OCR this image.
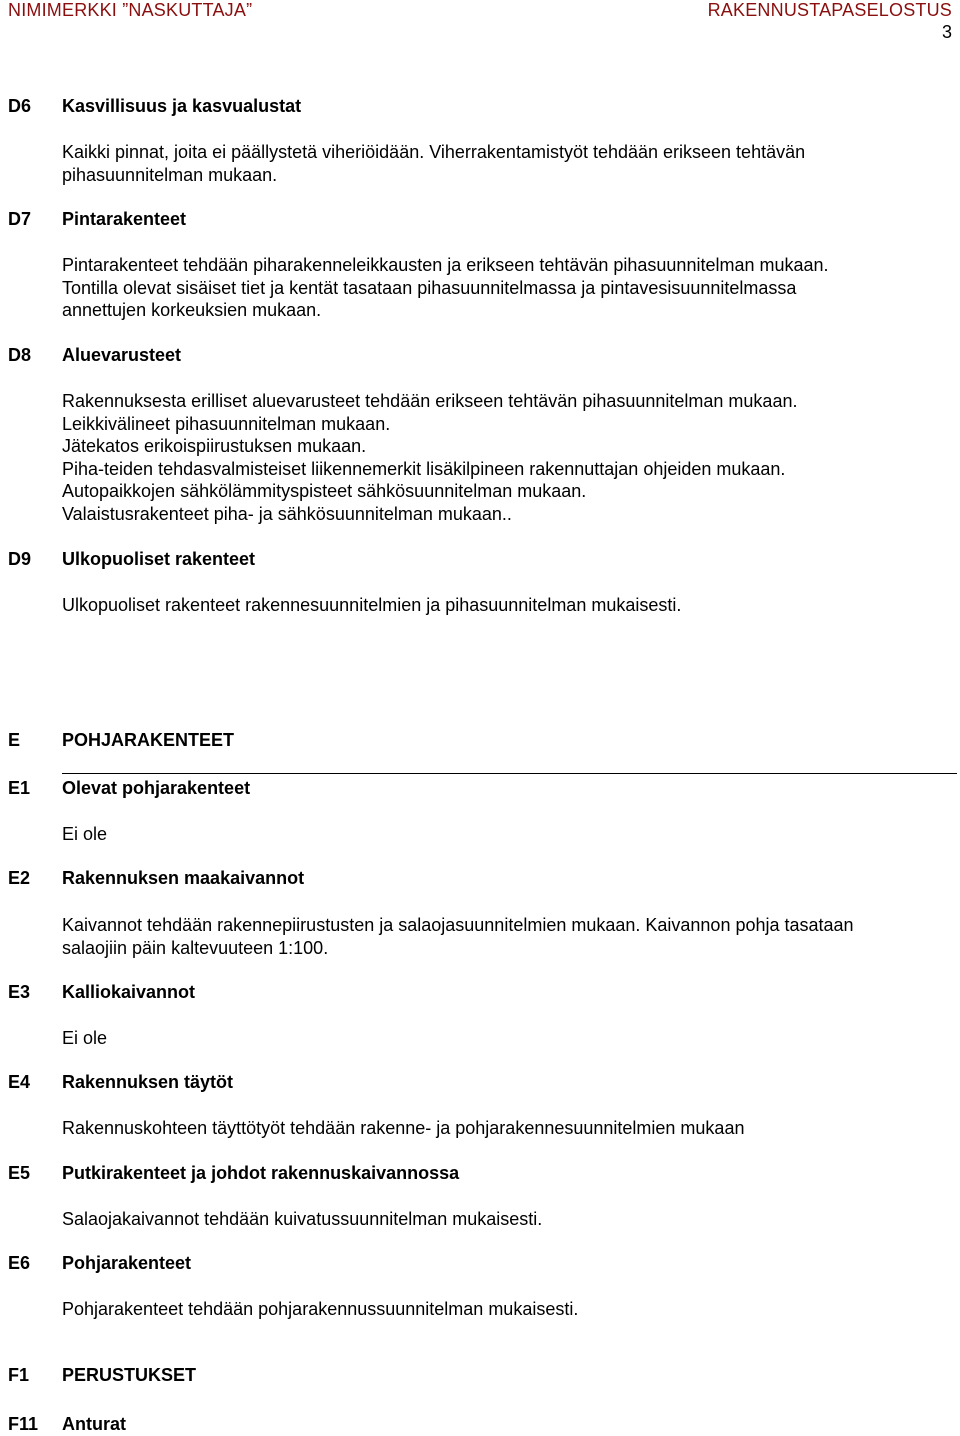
NIMIMERKKI ”NASKUTTAJA”	RAKENNUSTAPASELOSTUS
3
D6 Kasvillisuus ja kasvualustat
Kaikki pinnat, joita ei päällystetä viheriöidään. Viherrakentamistyöt tehdään erikseen tehtävän
pihasuunnitelman mukaan.
D7 Pintarakenteet
Pintarakenteet tehdään piharakenneleikkausten ja erikseen tehtävän pihasuunnitelman mukaan.
Tontilla olevat sisäiset tiet ja kentät tasataan pihasuunnitelmassa ja pintavesisuunnitelmassa
annettujen korkeuksien mukaan.
D8 Aluevarusteet
Rakennuksesta erilliset aluevarusteet tehdään erikseen tehtävän pihasuunnitelman mukaan.
Leikkivälineet pihasuunnitelman mukaan.
Jätekatos erikoispiirustuksen mukaan.
Piha-teiden tehdasvalmisteiset liikennemerkit lisäkilpineen rakennuttajan ohjeiden mukaan.
Autopaikkojen sähkölämmityspisteet sähkösuunnitelman mukaan.
Valaistusrakenteet piha- ja sähkösuunnitelman mukaan..
D9 Ulkopuoliset rakenteet
Ulkopuoliset rakenteet rakennesuunnitelmien ja pihasuunnitelman mukaisesti.
E POHJARAKENTEET
E1 Olevat pohjarakenteet
Ei ole
E2 Rakennuksen maakaivannot
Kaivannot tehdään rakennepiirustusten ja salaojasuunnitelmien mukaan. Kaivannon pohja tasataan
salaojiin päin kaltevuuteen 1:100.
E3 Kalliokaivannot
Ei ole
E4 Rakennuksen täytöt
Rakennuskohteen täyttötyöt tehdään rakenne- ja pohjarakennesuunnitelmien mukaan
E5 Putkirakenteet ja johdot rakennuskaivannossa
Salaojakaivannot tehdään kuivatussuunnitelman mukaisesti.
E6 Pohjarakenteet
Pohjarakenteet tehdään pohjarakennussuunnitelman mukaisesti.
F1 PERUSTUKSET
F11 Anturat
